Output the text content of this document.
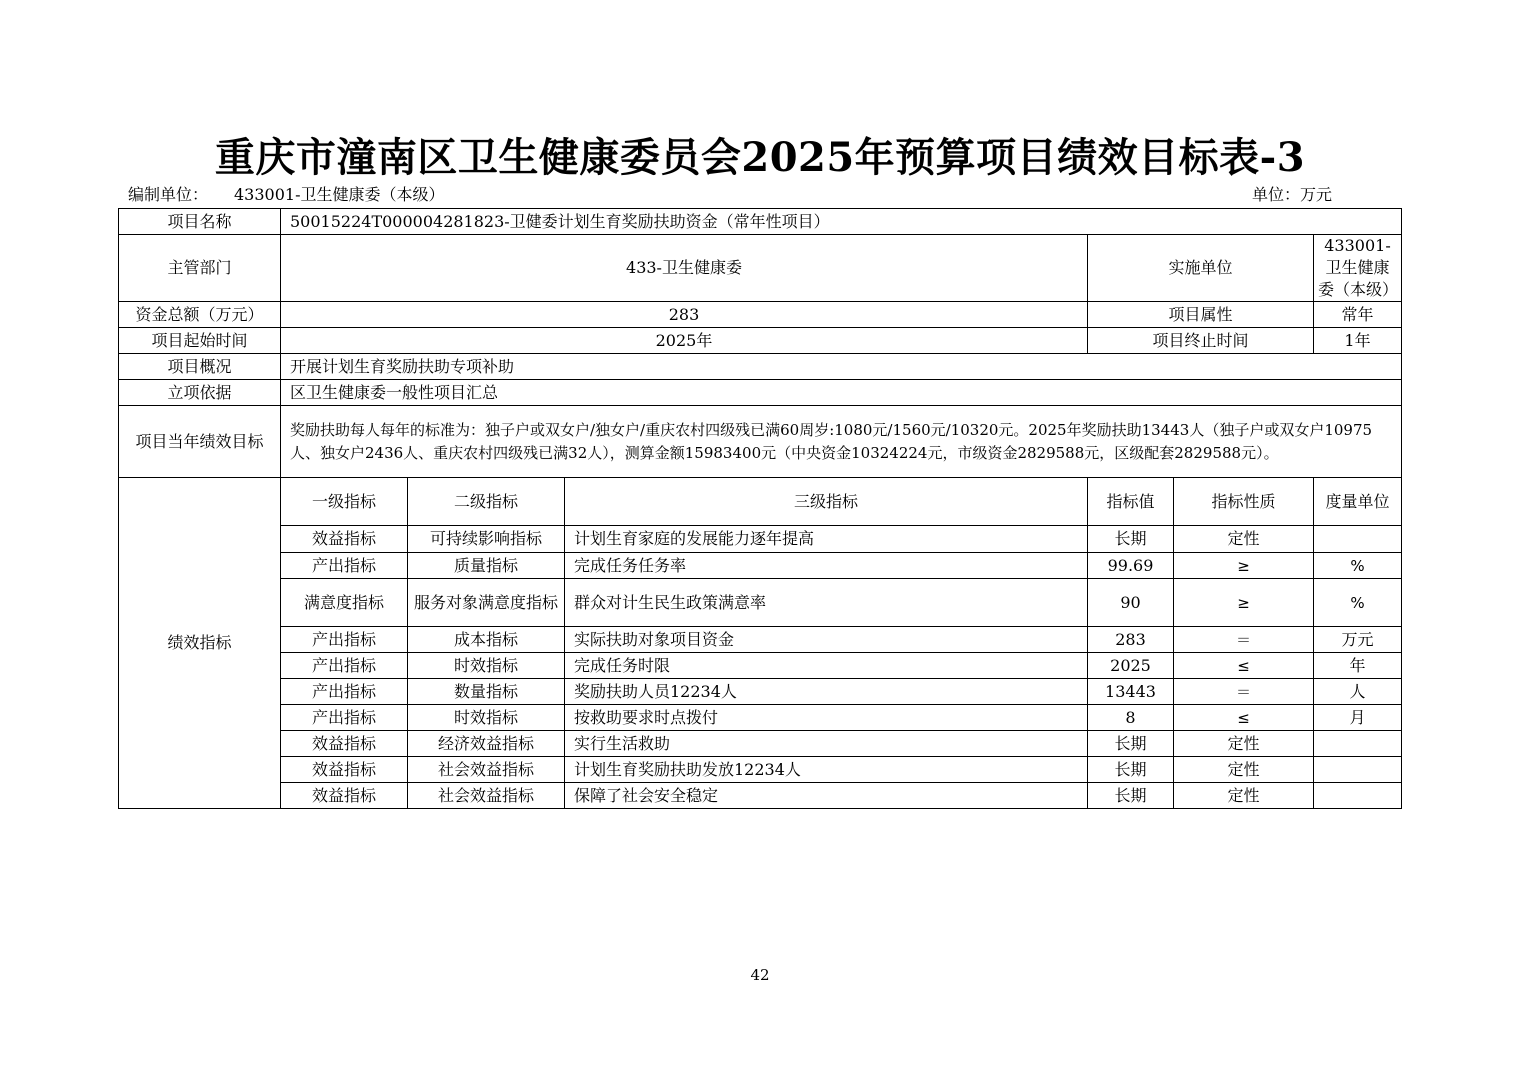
重庆市潼南区卫生健康委员会2025年预算项目绩效目标表-3
编制单位： 433001-卫生健康委（本级）	单位：万元
项目名称	50015224T000004281823-卫健委计划生育奖励扶助资金（常年性项目）					
主管部门	433-卫生健康委			实施单位		433001-卫生健康委（本级）
资金总额（万元）	283			项目属性		常年
项目起始时间	2025年			项目终止时间		1年
项目概况	开展计划生育奖励扶助专项补助					
立项依据	区卫生健康委一般性项目汇总					
项目当年绩效目标	奖励扶助每人每年的标准为：独子户或双女户/独女户/重庆农村四级残已满60周岁:1080元/1560元/10320元。2025年奖励扶助13443人（独子户或双女户10975人、独女户2436人、重庆农村四级残已满32人），测算金额15983400元（中央资金10324224元，市级资金2829588元，区级配套2829588元）。					
绩效指标	一级指标	二级指标	三级指标	指标值	指标性质	度量单位
	效益指标	可持续影响指标	计划生育家庭的发展能力逐年提高	长期	定性	
	产出指标	质量指标	完成任务任务率	99.69	≥	%
	满意度指标	服务对象满意度指标	群众对计生民生政策满意率	90	≥	%
	产出指标	成本指标	实际扶助对象项目资金	283	＝	万元
	产出指标	时效指标	完成任务时限	2025	≤	年
	产出指标	数量指标	奖励扶助人员12234人	13443	＝	人
	产出指标	时效指标	按救助要求时点拨付	8	≤	月
	效益指标	经济效益指标	实行生活救助	长期	定性	
	效益指标	社会效益指标	计划生育奖励扶助发放12234人	长期	定性	
	效益指标	社会效益指标	保障了社会安全稳定	长期	定性	
42
